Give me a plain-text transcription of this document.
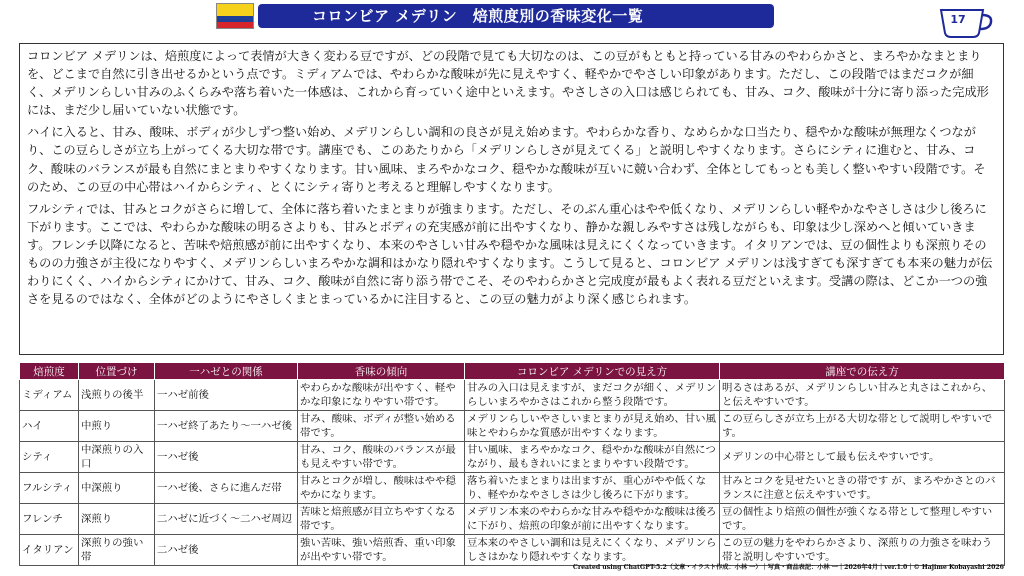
コロンビア メデリン　焙煎度別の香味変化一覧	17

コロンビア メデリンは、焙煎度によって表情が大きく変わる豆ですが、どの段階で見ても大切なのは、この豆がもともと持っている甘みのやわらかさと、まろやかなまとまりを、どこまで自然に引き出せるかという点です。ミディアムでは、やわらかな酸味が先に見えやすく、軽やかでやさしい印象があります。ただし、この段階ではまだコクが細く、メデリンらしい甘みのふくらみや落ち着いた一体感は、これから育っていく途中といえます。やさしさの入口は感じられても、甘み、コク、酸味が十分に寄り添った完成形には、まだ少し届いていない状態です。

ハイに入ると、甘み、酸味、ボディが少しずつ整い始め、メデリンらしい調和の良さが見え始めます。やわらかな香り、なめらかな口当たり、穏やかな酸味が無理なくつながり、この豆らしさが立ち上がってくる大切な帯です。講座でも、このあたりから「メデリンらしさが見えてくる」と説明しやすくなります。さらにシティに進むと、甘み、コク、酸味のバランスが最も自然にまとまりやすくなります。甘い風味、まろやかなコク、穏やかな酸味が互いに競い合わず、全体としてもっとも美しく整いやすい段階です。そのため、この豆の中心帯はハイからシティ、とくにシティ寄りと考えると理解しやすくなります。

フルシティでは、甘みとコクがさらに増して、全体に落ち着いたまとまりが強まります。ただし、そのぶん重心はやや低くなり、メデリンらしい軽やかなやさしさは少し後ろに下がります。ここでは、やわらかな酸味の明るさよりも、甘みとボディの充実感が前に出やすくなり、静かな親しみやすさは残しながらも、印象は少し深めへと傾いていきます。フレンチ以降になると、苦味や焙煎感が前に出やすくなり、本来のやさしい甘みや穏やかな風味は見えにくくなっていきます。イタリアンでは、豆の個性よりも深煎りそのものの力強さが主役になりやすく、メデリンらしいまろやかな調和はかなり隠れやすくなります。こうして見ると、コロンビア メデリンは浅すぎても深すぎても本来の魅力が伝わりにくく、ハイからシティにかけて、甘み、コク、酸味が自然に寄り添う帯でこそ、そのやわらかさと完成度が最もよく表れる豆だといえます。受講の際は、どこか一つの強さを見るのではなく、全体がどのようにやさしくまとまっているかに注目すると、この豆の魅力がより深く感じられます。

焙煎度	位置づけ	一ハゼとの関係	香味の傾向	コロンビア メデリンでの見え方	講座での伝え方
ミディアム	浅煎りの後半	一ハゼ前後	やわらかな酸味が出やすく、軽やかな印象になりやすい帯です。	甘みの入口は見えますが、まだコクが細く、メデリンらしいまろやかさはこれから整う段階です。	明るさはあるが、メデリンらしい甘みと丸さはこれから、と伝えやすいです。
ハイ	中煎り	一ハゼ終了あたり〜一ハゼ後	甘み、酸味、ボディが整い始める帯です。	メデリンらしいやさしいまとまりが見え始め、甘い風味とやわらかな質感が出やすくなります。	この豆らしさが立ち上がる大切な帯として説明しやすいです。
シティ	中深煎りの入口	一ハゼ後	甘み、コク、酸味のバランスが最も見えやすい帯です。	甘い風味、まろやかなコク、穏やかな酸味が自然につながり、最もきれいにまとまりやすい段階です。	メデリンの中心帯として最も伝えやすいです。
フルシティ	中深煎り	一ハゼ後、さらに進んだ帯	甘みとコクが増し、酸味はやや穏やかになります。	落ち着いたまとまりは出ますが、重心がやや低くなり、軽やかなやさしさは少し後ろに下がります。	甘みとコクを見せたいときの帯です が、まろやかさとのバランスに注意と伝えやすいです。
フレンチ	深煎り	二ハゼに近づく〜二ハゼ周辺	苦味と焙煎感が目立ちやすくなる帯です。	メデリン本来のやわらかな甘みや穏やかな酸味は後ろに下がり、焙煎の印象が前に出やすくなります。	豆の個性より焙煎の個性が強くなる帯として整理しやすいです。
イタリアン	深煎りの強い帯	二ハゼ後	強い苦味、強い焙煎香、重い印象が出やすい帯です。	豆本来のやさしい調和は見えにくくなり、メデリンらしさはかなり隠れやすくなります。	この豆の魅力をやわらかさより、深煎りの力強さを味わう帯と説明しやすいです。
Created using ChatGPT-5.2（文章・イラスト作成：小林 一）｜写真・商品表記：小林 一｜2026年4月｜ver.1.0｜© Hajime Kobayashi 2026
